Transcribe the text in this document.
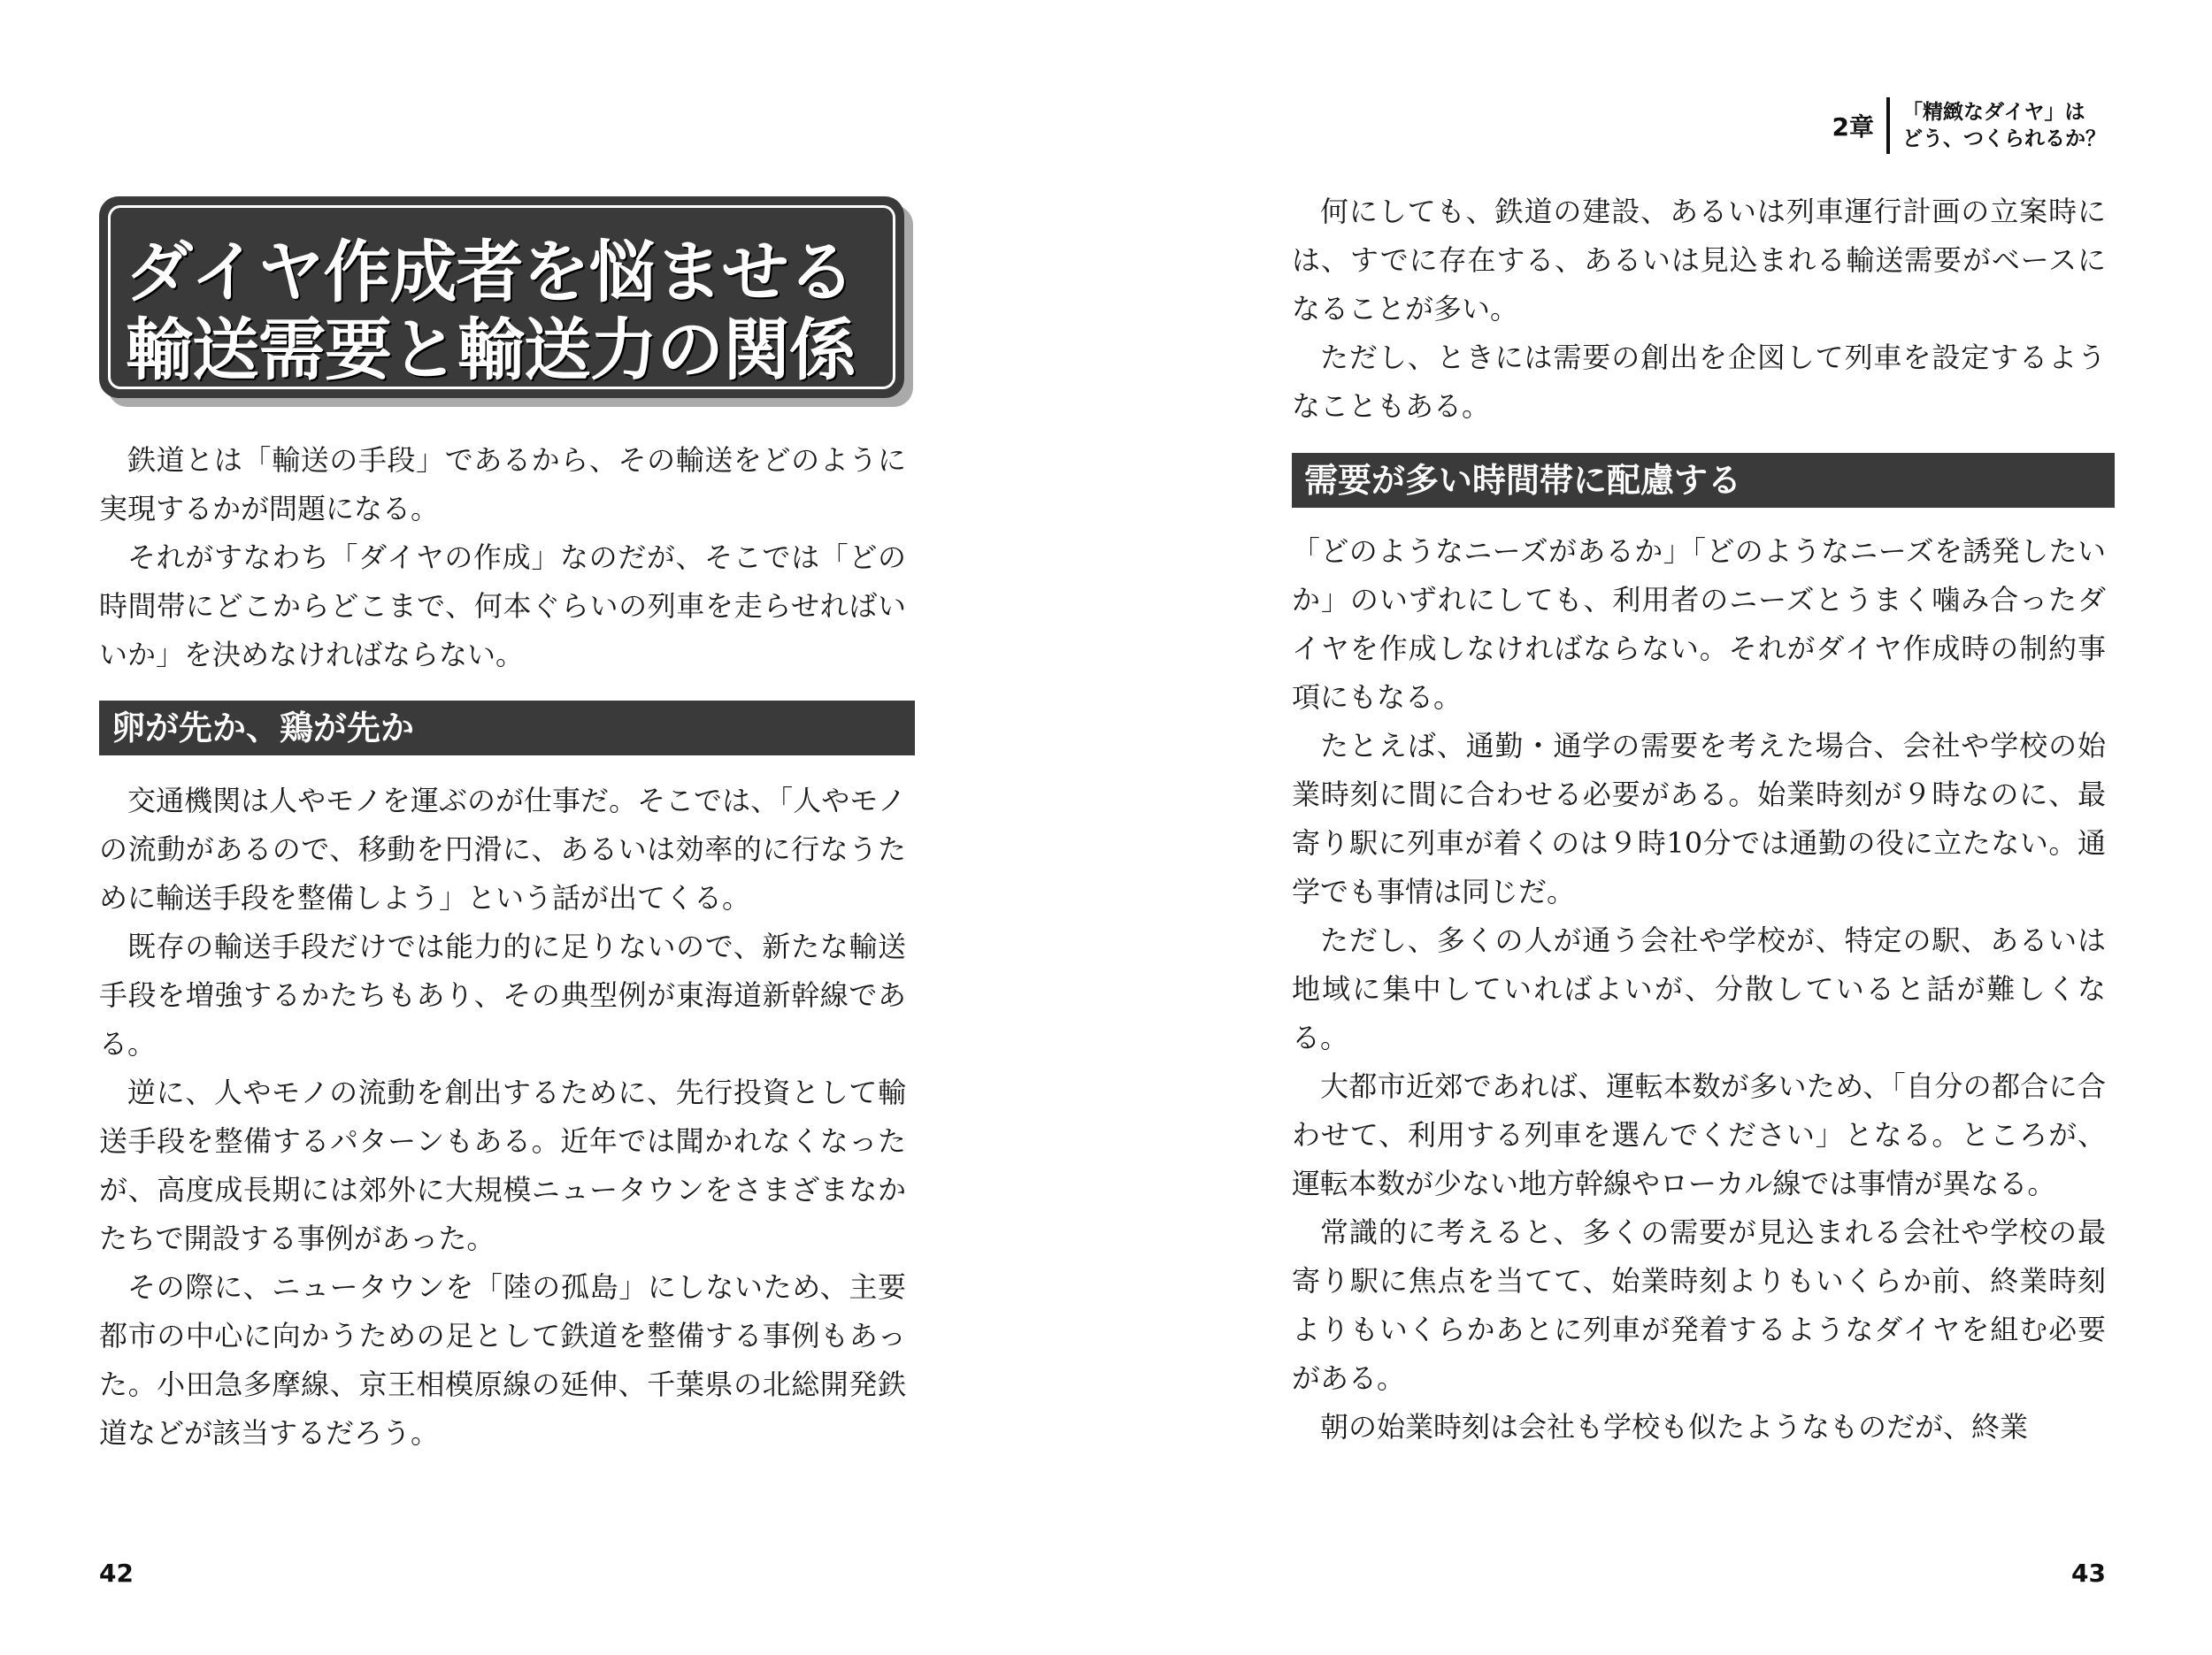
ダイヤ作成者を悩ませる
輸送需要と輸送力の関係

鉄道とは「輸送の手段」であるから、その輸送をどのように実現するかが問題になる。

それがすなわち「ダイヤの作成」なのだが、そこでは「どの時間帯にどこからどこまで、何本ぐらいの列車を走らせればいいか」を決めなければならない。

卵が先か、鶏が先か

交通機関は人やモノを運ぶのが仕事だ。そこでは、「人やモノの流動があるので、移動を円滑に、あるいは効率的に行なうために輸送手段を整備しよう」という話が出てくる。

既存の輸送手段だけでは能力的に足りないので、新たな輸送手段を増強するかたちもあり、その典型例が東海道新幹線である。

逆に、人やモノの流動を創出するために、先行投資として輸送手段を整備するパターンもある。近年では聞かれなくなったが、高度成長期には郊外に大規模ニュータウンをさまざまなかたちで開設する事例があった。

その際に、ニュータウンを「陸の孤島」にしないため、主要都市の中心に向かうための足として鉄道を整備する事例もあった。小田急多摩線、京王相模原線の延伸、千葉県の北総開発鉄道などが該当するだろう。

42
2章	「精緻なダイヤ」は
どう、つくられるか？

何にしても、鉄道の建設、あるいは列車運行計画の立案時には、すでに存在する、あるいは見込まれる輸送需要がベースになることが多い。

ただし、ときには需要の創出を企図して列車を設定するようなこともある。

需要が多い時間帯に配慮する

「どのようなニーズがあるか」「どのようなニーズを誘発したいか」のいずれにしても、利用者のニーズとうまく噛み合ったダイヤを作成しなければならない。それがダイヤ作成時の制約事項にもなる。

たとえば、通勤・通学の需要を考えた場合、会社や学校の始業時刻に間に合わせる必要がある。始業時刻が９時なのに、最寄り駅に列車が着くのは９時10分では通勤の役に立たない。通学でも事情は同じだ。

ただし、多くの人が通う会社や学校が、特定の駅、あるいは地域に集中していればよいが、分散していると話が難しくなる。

大都市近郊であれば、運転本数が多いため、「自分の都合に合わせて、利用する列車を選んでください」となる。ところが、運転本数が少ない地方幹線やローカル線では事情が異なる。

常識的に考えると、多くの需要が見込まれる会社や学校の最寄り駅に焦点を当てて、始業時刻よりもいくらか前、終業時刻よりもいくらかあとに列車が発着するようなダイヤを組む必要がある。

朝の始業時刻は会社も学校も似たようなものだが、終業

43
